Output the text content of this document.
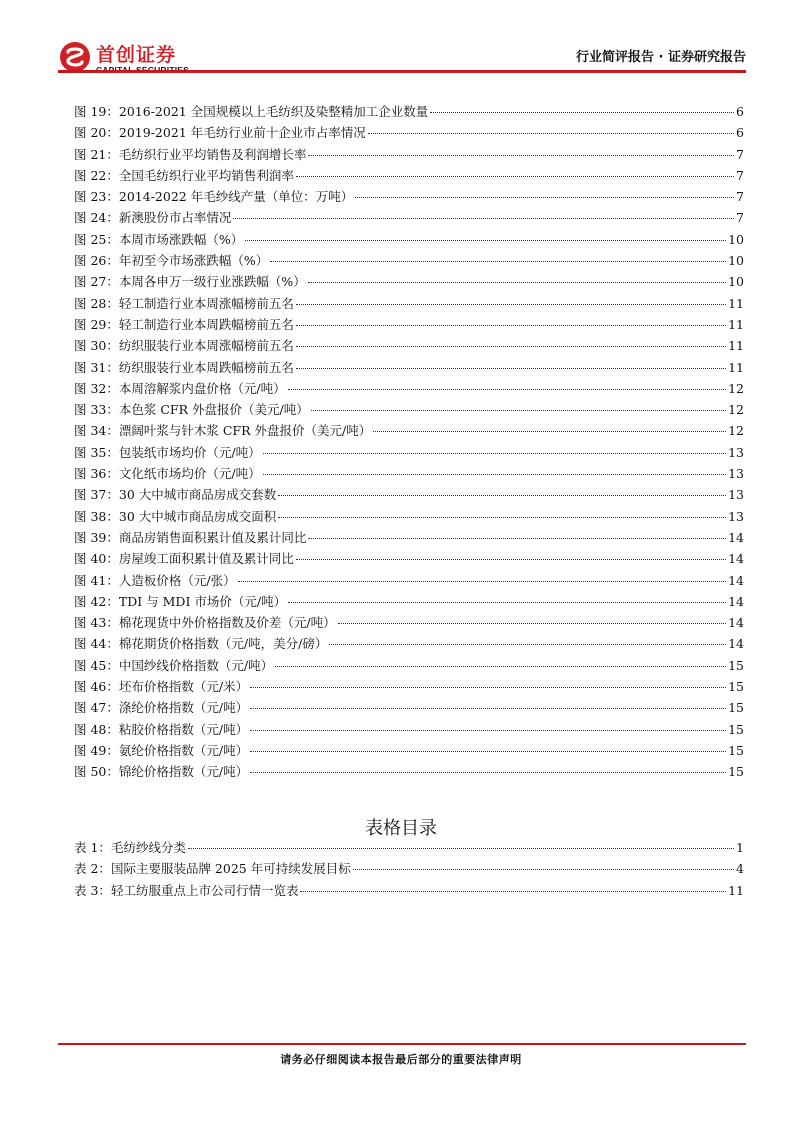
首创证券	行业简评报告 · 证券研究报告
图 19： 2016-2021 全国规模以上毛纺织及染整精加工企业数量	6
图 20： 2019-2021 年毛纺行业前十企业市占率情况	6
图 21： 毛纺织行业平均销售及利润增长率	7
图 22： 全国毛纺织行业平均销售利润率	7
图 23： 2014-2022 年毛纱线产量（单位：万吨）	7
图 24： 新澳股份市占率情况	7
图 25： 本周市场涨跌幅（%）	10
图 26： 年初至今市场涨跌幅（%）	10
图 27： 本周各申万一级行业涨跌幅（%）	10
图 28： 轻工制造行业本周涨幅榜前五名	11
图 29： 轻工制造行业本周跌幅榜前五名	11
图 30： 纺织服装行业本周涨幅榜前五名	11
图 31： 纺织服装行业本周跌幅榜前五名	11
图 32： 本周溶解浆内盘价格（元/吨）	12
图 33： 本色浆 CFR 外盘报价（美元/吨）	12
图 34： 漂阔叶浆与针木浆 CFR 外盘报价（美元/吨）	12
图 35： 包装纸市场均价（元/吨）	13
图 36： 文化纸市场均价（元/吨）	13
图 37： 30 大中城市商品房成交套数	13
图 38： 30 大中城市商品房成交面积	13
图 39： 商品房销售面积累计值及累计同比	14
图 40： 房屋竣工面积累计值及累计同比	14
图 41： 人造板价格（元/张）	14
图 42： TDI 与 MDI 市场价（元/吨）	14
图 43： 棉花现货中外价格指数及价差（元/吨）	14
图 44： 棉花期货价格指数（元/吨，美分/磅）	14
图 45： 中国纱线价格指数（元/吨）	15
图 46： 坯布价格指数（元/米）	15
图 47： 涤纶价格指数（元/吨）	15
图 48： 粘胶价格指数（元/吨）	15
图 49： 氨纶价格指数（元/吨）	15
图 50： 锦纶价格指数（元/吨）	15
表格目录
表 1： 毛纺纱线分类	1
表 2： 国际主要服装品牌 2025 年可持续发展目标	4
表 3： 轻工纺服重点上市公司行情一览表	11
请务必仔细阅读本报告最后部分的重要法律声明
